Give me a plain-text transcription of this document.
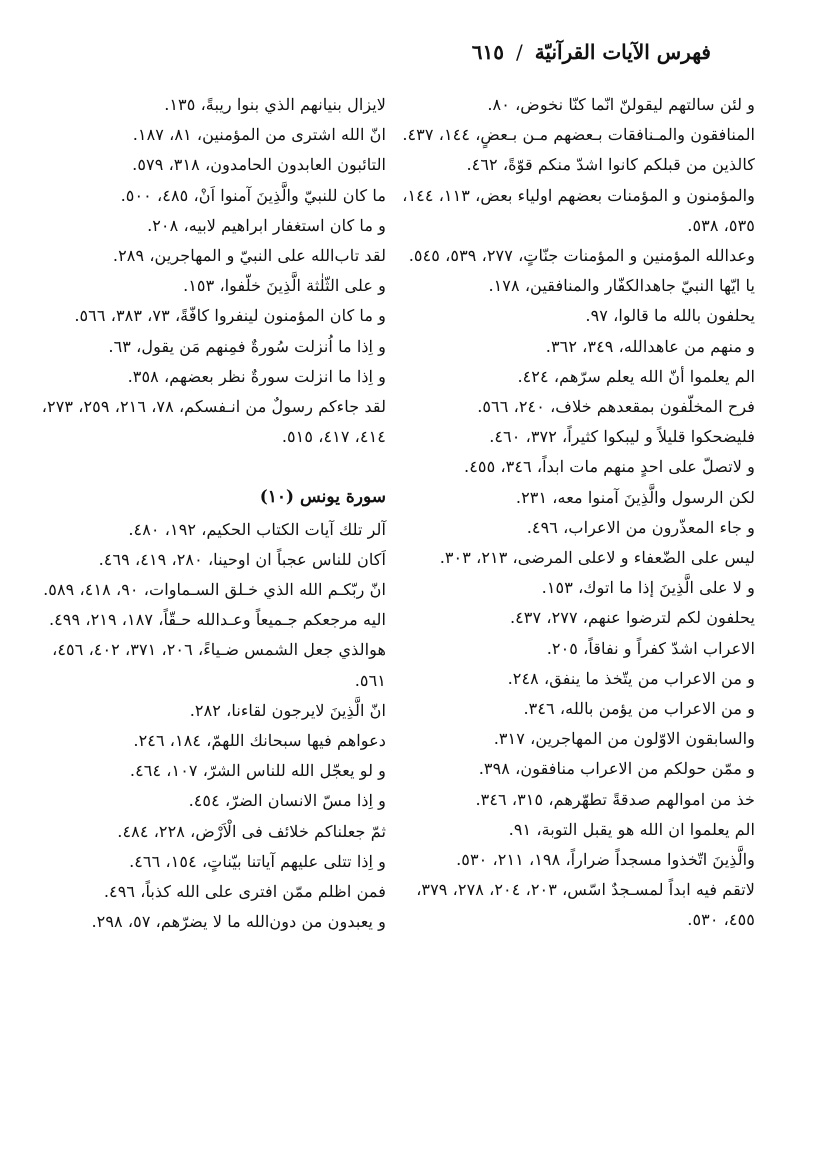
فهرس الآيات القرآنيّة
/
٦١٥

و لئن سالتهم ليقولنّ انّما كنّا نخوض، ٨٠.

المنافقون والمـنافقات بـعضهم مـن بـعضٍ، ١٤٤، ٤٣٧.

كالذين من قبلكم كانوا اشدّ منكم قوّةً، ٤٦٢.

والمؤمنون و المؤمنات بعضهم اولياء بعض، ١١٣، ١٤٤، ٥٣٥، ٥٣٨.

وعدالله المؤمنين و المؤمنات جنّاتٍ، ٢٧٧، ٥٣٩، ٥٤٥.

يا ايّها النبيّ جاهدالكفّار والمنافقين، ١٧٨.

يحلفون بالله ما قالوا، ٩٧.

و منهم من عاهدالله، ٣٤٩، ٣٦٢.

الم يعلموا أنّ الله يعلم سرّهم، ٤٢٤.

فرح المخلّفون بمقعدهم خلاف، ٢٤٠، ٥٦٦.

فليضحكوا قليلاً و ليبكوا كثيراً، ٣٧٢، ٤٦٠.

و لاتصلّ على احدٍ منهم مات ابداً، ٣٤٦، ٤٥٥.

لكن الرسول والَّذِينَ آمنوا معه، ٢٣١.

و جاء المعذّرون من الاعراب، ٤٩٦.

ليس على الضّعفاء و لاعلى المرضى، ٢١٣، ٣٠٣.

و لا على الَّذِينَ إذا ما اتوك، ١٥٣.

يحلفون لكم لترضوا عنهم، ٢٧٧، ٤٣٧.

الاعراب اشدّ كفراً و نفاقاً، ٢٠٥.

و من الاعراب من يتّخذ ما ينفق، ٢٤٨.

و من الاعراب من يؤمن بالله، ٣٤٦.

والسابقون الاوّلون من المهاجرين، ٣١٧.

و ممّن حولكم من الاعراب منافقون، ٣٩٨.

خذ من اموالهم صدقةً تطهّرهم، ٣١٥، ٣٤٦.

الم يعلموا ان الله هو يقبل التوبة، ٩١.

والَّذِينَ اتّخذوا مسجداً ضراراً، ١٩٨، ٢١١، ٥٣٠.

لاتقم فيه ابداً لمسـجدٌ اسّس، ٢٠٣، ٢٠٤، ٢٧٨، ٣٧٩، ٤٥٥، ٥٣٠.

لايزال بنيانهم الذي بنوا ريبةً، ١٣٥.

انّ الله اشترى من المؤمنين، ٨١، ١٨٧.

التائبون العابدون الحامدون، ٣١٨، ٥٧٩.

ما كان للنبيّ والَّذِينَ آمنوا اَنْ، ٤٨٥، ٥٠٠.

و ما كان استغفار ابراهيم لابيه، ٢٠٨.

لقد تاب‌الله على النبيّ و المهاجرين، ٢٨٩.

و على الثّلٰثة الَّذِينَ خلّفوا، ١٥٣.

و ما كان المؤمنون لينفروا كافّةً، ٧٣، ٣٨٣، ٥٦٦.

و اِذا ما اُنزلت سُورةٌ فمِنهم مَن يقول، ٦٣.

و اِذا ما انزلت سورةٌ نظر بعضهم، ٣٥٨.

لقد جاءكم رسولٌ من انـفسكم، ٧٨، ٢١٦، ٢٥٩، ٢٧٣، ٤١٤، ٤١٧، ٥١٥.

سورة يونس (١٠)

آلر تلك آيات الكتاب الحكيم، ١٩٢، ٤٨٠.

اَكان للناس عجباً ان اوحينا، ٢٨٠، ٤١٩، ٤٦٩.

انّ ربّكـم الله الذي خـلق السـماوات، ٩٠، ٤١٨، ٥٨٩.

اليه مرجعكم جـميعاً وعـدالله حـقّاً، ١٨٧، ٢١٩، ٤٩٩.

هوالذي جعل الشمس ضـياءً، ٢٠٦، ٣٧١، ٤٠٢، ٤٥٦، ٥٦١.

انّ الَّذِينَ لايرجون لقاءنا، ٢٨٢.

دعواهم فيها سبحانك اللهمّ، ١٨٤، ٢٤٦.

و لو يعجّل الله للناس الشرّ، ١٠٧، ٤٦٤.

و اِذا مسّ الانسان الضرّ، ٤٥٤.

ثمّ جعلناكم خلائف فى الْاَرْض، ٢٢٨، ٤٨٤.

و اِذا تتلى عليهم آياتنا بيّناتٍ، ١٥٤، ٤٦٦.

فمن اظلم ممّن افترى على الله كذباً، ٤٩٦.

و يعبدون من دون‌الله ما لا يضرّهم، ٥٧، ٢٩٨.
